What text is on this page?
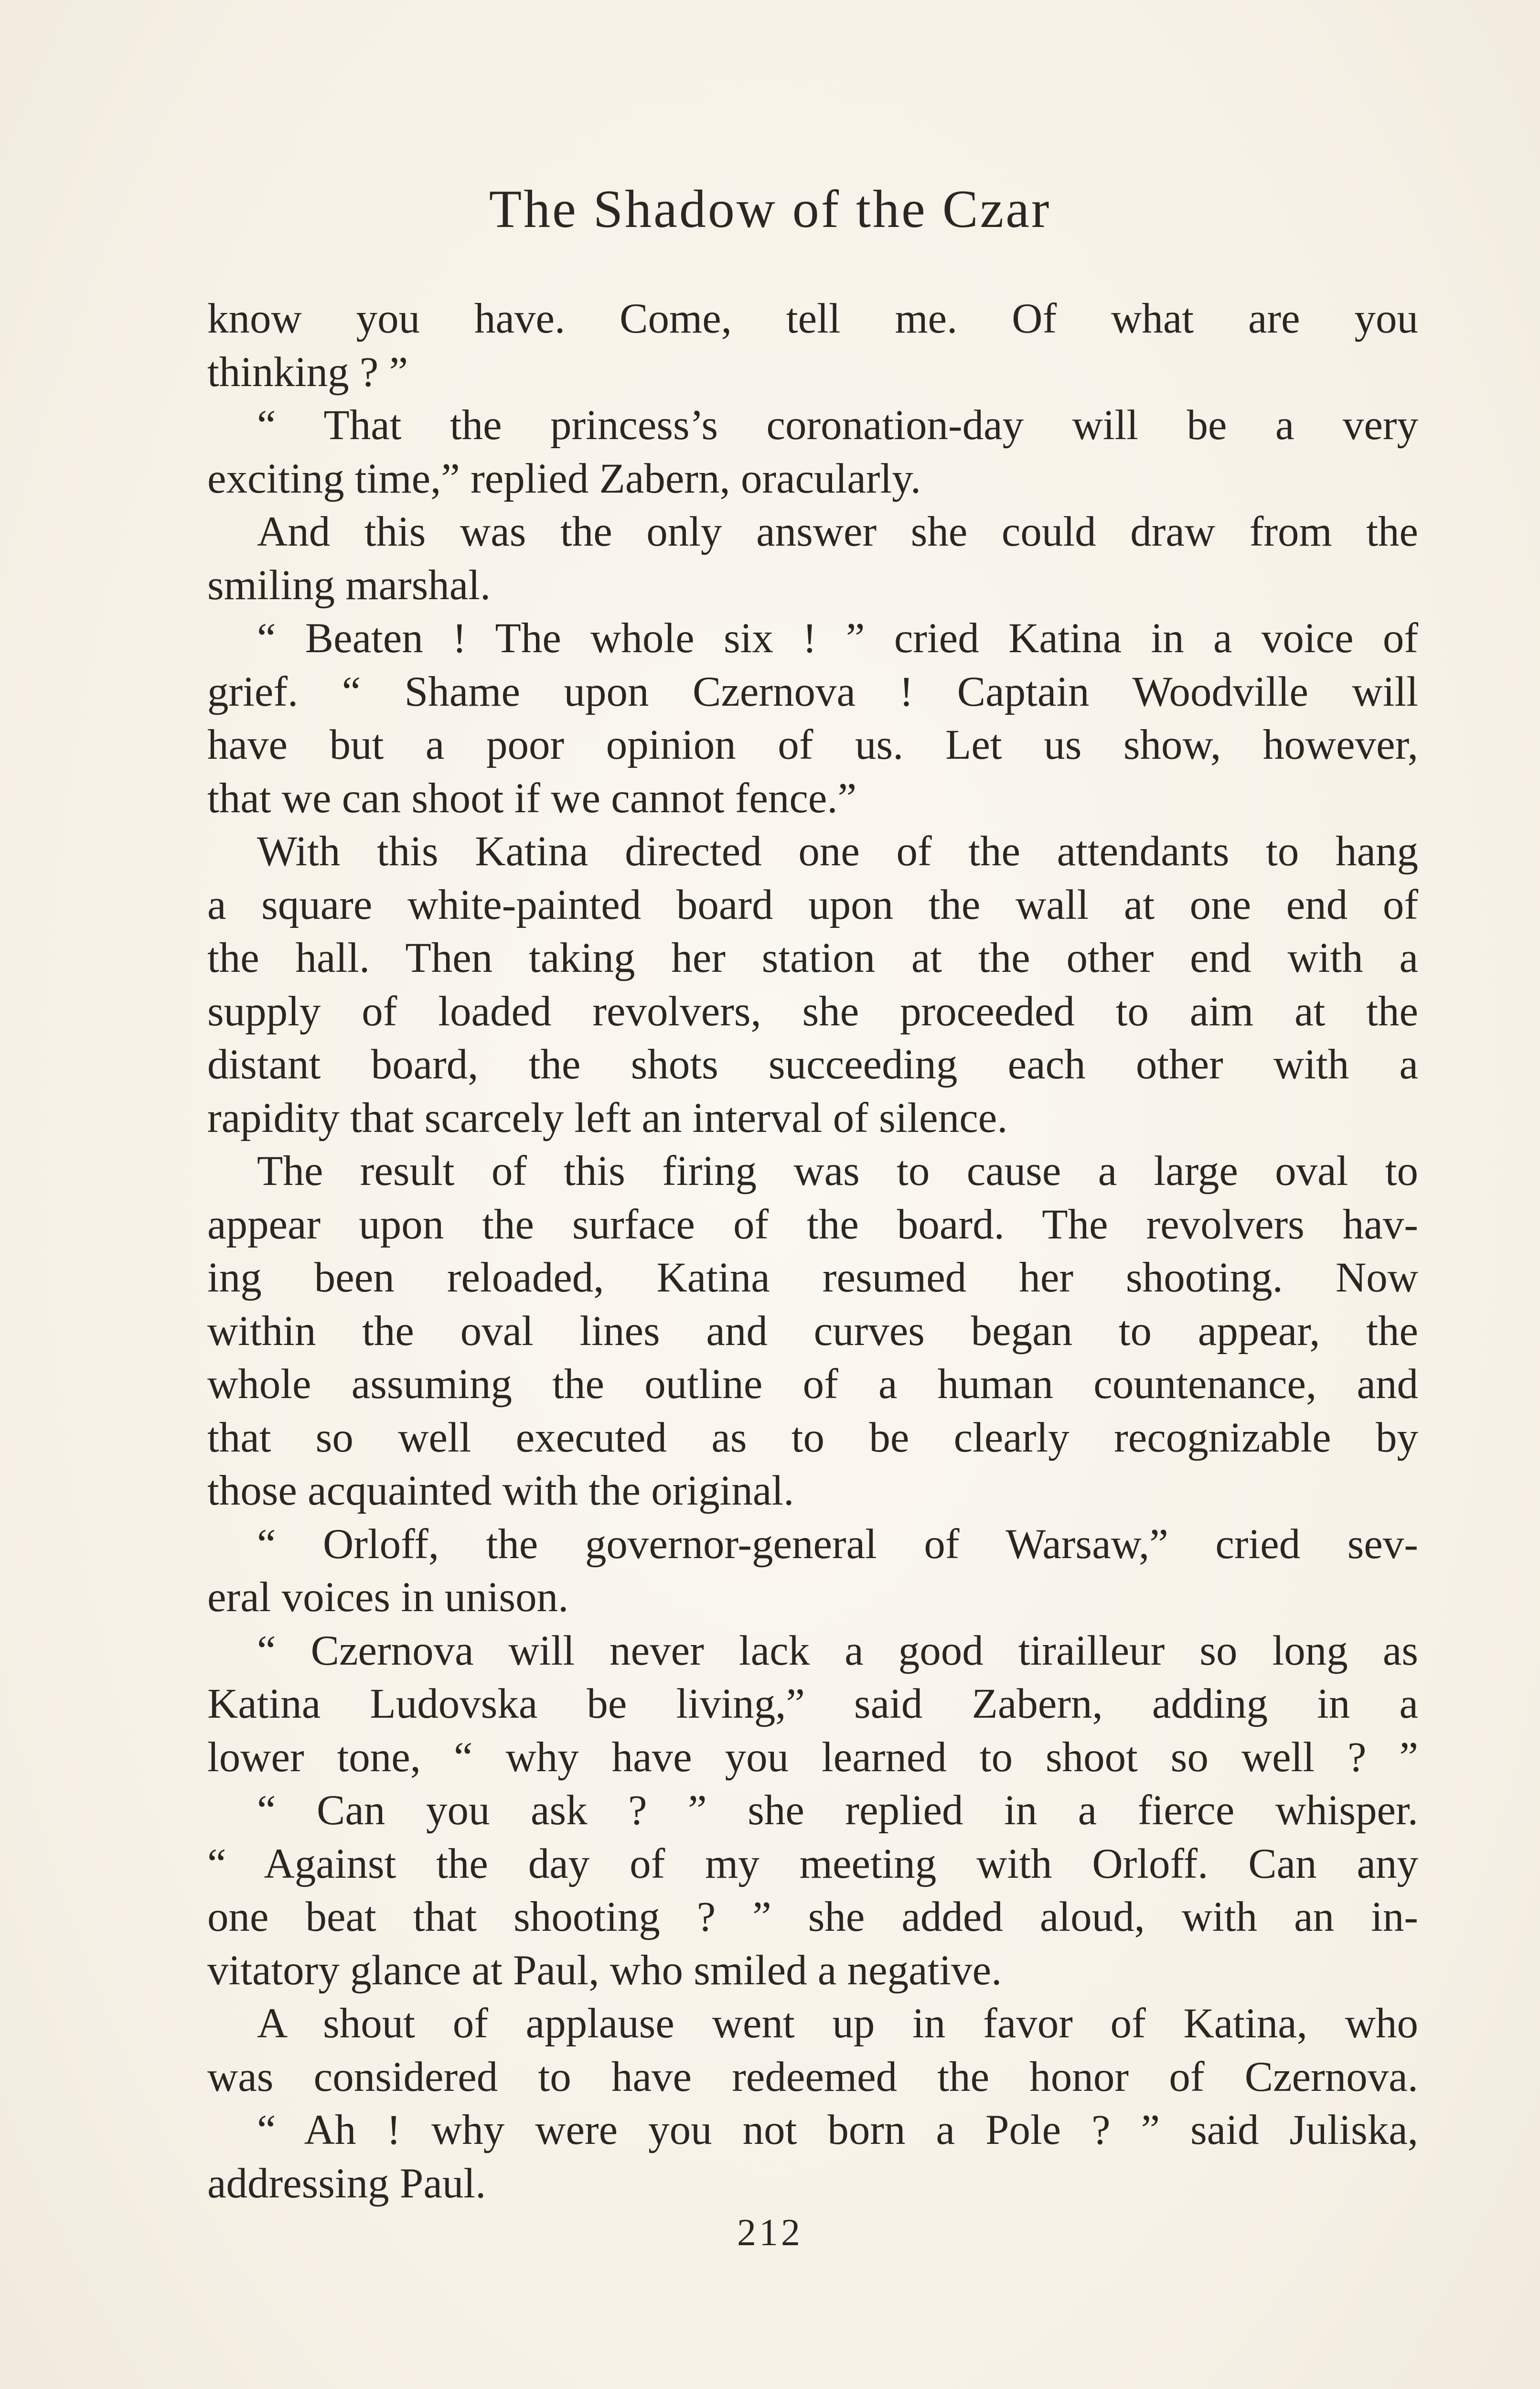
The Shadow of the Czar
know you have. Come, tell me. Of what are you
thinking ? ”
“ That the princess’s coronation-day will be a very
exciting time,” replied Zabern, oracularly.
And this was the only answer she could draw from the
smiling marshal.
“ Beaten ! The whole six ! ” cried Katina in a voice of
grief. “ Shame upon Czernova ! Captain Woodville will
have but a poor opinion of us. Let us show, however,
that we can shoot if we cannot fence.”
With this Katina directed one of the attendants to hang
a square white-painted board upon the wall at one end of
the hall. Then taking her station at the other end with a
supply of loaded revolvers, she proceeded to aim at the
distant board, the shots succeeding each other with a
rapidity that scarcely left an interval of silence.
The result of this firing was to cause a large oval to
appear upon the surface of the board. The revolvers hav-
ing been reloaded, Katina resumed her shooting. Now
within the oval lines and curves began to appear, the
whole assuming the outline of a human countenance, and
that so well executed as to be clearly recognizable by
those acquainted with the original.
“ Orloff, the governor-general of Warsaw,” cried sev-
eral voices in unison.
“ Czernova will never lack a good tirailleur so long as
Katina Ludovska be living,” said Zabern, adding in a
lower tone, “ why have you learned to shoot so well ? ”
“ Can you ask ? ” she replied in a fierce whisper.
“ Against the day of my meeting with Orloff. Can any
one beat that shooting ? ” she added aloud, with an in-
vitatory glance at Paul, who smiled a negative.
A shout of applause went up in favor of Katina, who
was considered to have redeemed the honor of Czernova.
“ Ah ! why were you not born a Pole ? ” said Juliska,
addressing Paul.
212
